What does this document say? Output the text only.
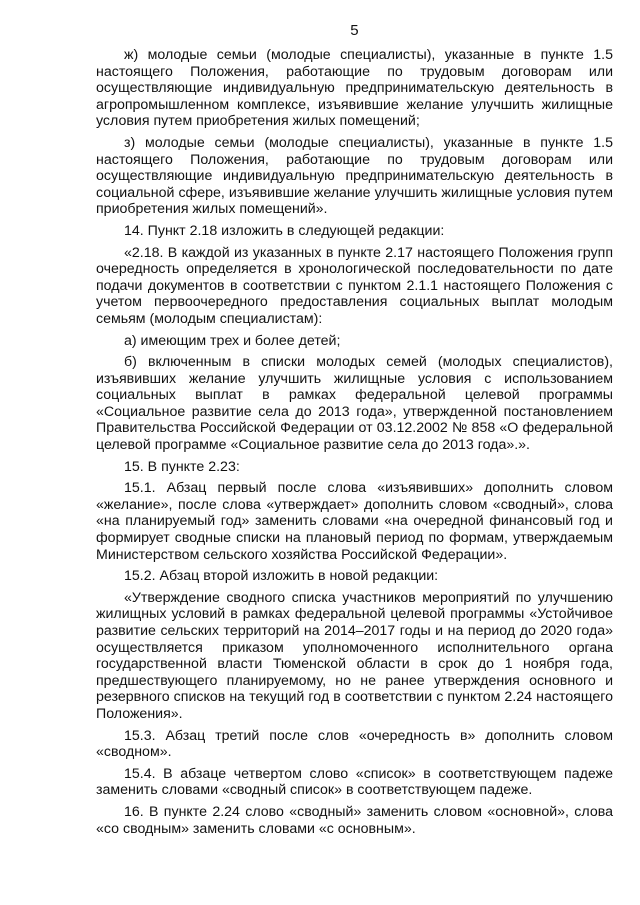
5

ж) молодые семьи (молодые специалисты), указанные в пункте 1.5 настоящего Положения, работающие по трудовым договорам или осуществляющие индивидуальную предпринимательскую деятельность в агропромышленном комплексе, изъявившие желание улучшить жилищные условия путем приобретения жилых помещений;

з) молодые семьи (молодые специалисты), указанные в пункте 1.5 настоящего Положения, работающие по трудовым договорам или осуществляющие индивидуальную предпринимательскую деятельность в социальной сфере, изъявившие желание улучшить жилищные условия путем приобретения жилых помещений».

14. Пункт 2.18 изложить в следующей редакции:

«2.18. В каждой из указанных в пункте 2.17 настоящего Положения групп очередность определяется в хронологической последовательности по дате подачи документов в соответствии с пунктом 2.1.1 настоящего Положения с учетом первоочередного предоставления социальных выплат молодым семьям (молодым специалистам):

а) имеющим трех и более детей;

б) включенным в списки молодых семей (молодых специалистов), изъявивших желание улучшить жилищные условия с использованием социальных выплат в рамках федеральной целевой программы «Социальное развитие села до 2013 года», утвержденной постановлением Правительства Российской Федерации от 03.12.2002 № 858 «О федеральной целевой программе «Социальное развитие села до 2013 года».».

15. В пункте 2.23:

15.1. Абзац первый после слова «изъявивших» дополнить словом «желание», после слова «утверждает» дополнить словом «сводный», слова «на планируемый год» заменить словами «на очередной финансовый год и формирует сводные списки на плановый период по формам, утверждаемым Министерством сельского хозяйства Российской Федерации».

15.2. Абзац второй изложить в новой редакции:

«Утверждение сводного списка участников мероприятий по улучшению жилищных условий в рамках федеральной целевой программы «Устойчивое развитие сельских территорий на 2014–2017 годы и на период до 2020 года» осуществляется приказом уполномоченного исполнительного органа государственной власти Тюменской области в срок до 1 ноября года, предшествующего планируемому, но не ранее утверждения основного и резервного списков на текущий год в соответствии с пунктом 2.24 настоящего Положения».

15.3. Абзац третий после слов «очередность в» дополнить словом «сводном».

15.4. В абзаце четвертом слово «список» в соответствующем падеже заменить словами «сводный список» в соответствующем падеже.

16. В пункте 2.24 слово «сводный» заменить словом «основной», слова «со сводным» заменить словами «с основным».
